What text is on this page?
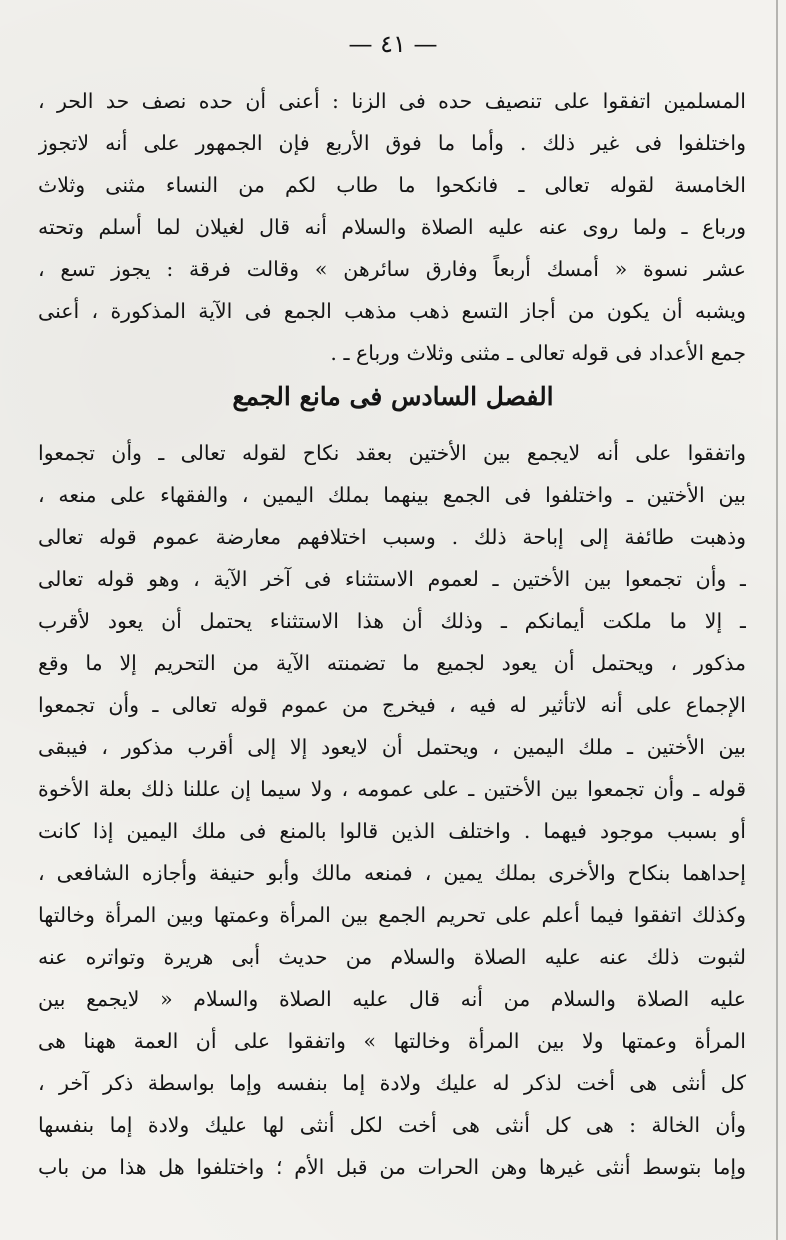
— ٤١ —
المسلمين اتفقوا على تنصيف حده فى الزنا : أعنى أن حده نصف حد الحر ،
واختلفوا فى غير ذلك . وأما ما فوق الأربع فإن الجمهور على أنه لاتجوز
الخامسة لقوله تعالى ـ فانكحوا ما طاب لكم من النساء مثنى وثلاث
ورباع ـ ولما روى عنه عليه الصلاة والسلام أنه قال لغيلان لما أسلم وتحته
عشر نسوة « أمسك أربعاً وفارق سائرهن » وقالت فرقة : يجوز تسع ،
ويشبه أن يكون من أجاز التسع ذهب مذهب الجمع فى الآية المذكورة ، أعنى
جمع الأعداد فى قوله تعالى ـ مثنى وثلاث ورباع ـ .
الفصل السادس فى مانع الجمع
واتفقوا على أنه لايجمع بين الأختين بعقد نكاح لقوله تعالى ـ وأن تجمعوا
بين الأختين ـ واختلفوا فى الجمع بينهما بملك اليمين ، والفقهاء على منعه ،
وذهبت طائفة إلى إباحة ذلك . وسبب اختلافهم معارضة عموم قوله تعالى
ـ وأن تجمعوا بين الأختين ـ لعموم الاستثناء فى آخر الآية ، وهو قوله تعالى
ـ إلا ما ملكت أيمانكم ـ وذلك أن هذا الاستثناء يحتمل أن يعود لأقرب
مذكور ، ويحتمل أن يعود لجميع ما تضمنته الآية من التحريم إلا ما وقع
الإجماع على أنه لاتأثير له فيه ، فيخرج من عموم قوله تعالى ـ وأن تجمعوا
بين الأختين ـ ملك اليمين ، ويحتمل أن لايعود إلا إلى أقرب مذكور ، فيبقى
قوله ـ وأن تجمعوا بين الأختين ـ على عمومه ، ولا سيما إن عللنا ذلك بعلة الأخوة
أو بسبب موجود فيهما . واختلف الذين قالوا بالمنع فى ملك اليمين إذا كانت
إحداهما بنكاح والأخرى بملك يمين ، فمنعه مالك وأبو حنيفة وأجازه الشافعى ،
وكذلك اتفقوا فيما أعلم على تحريم الجمع بين المرأة وعمتها وبين المرأة وخالتها
لثبوت ذلك عنه عليه الصلاة والسلام من حديث أبى هريرة وتواتره عنه
عليه الصلاة والسلام من أنه قال عليه الصلاة والسلام « لايجمع بين
المرأة وعمتها ولا بين المرأة وخالتها » واتفقوا على أن العمة ههنا هى
كل أنثى هى أخت لذكر له عليك ولادة إما بنفسه وإما بواسطة ذكر آخر ،
وأن الخالة : هى كل أنثى هى أخت لكل أنثى لها عليك ولادة إما بنفسها
وإما بتوسط أنثى غيرها وهن الحرات من قبل الأم ؛ واختلفوا هل هذا من باب
